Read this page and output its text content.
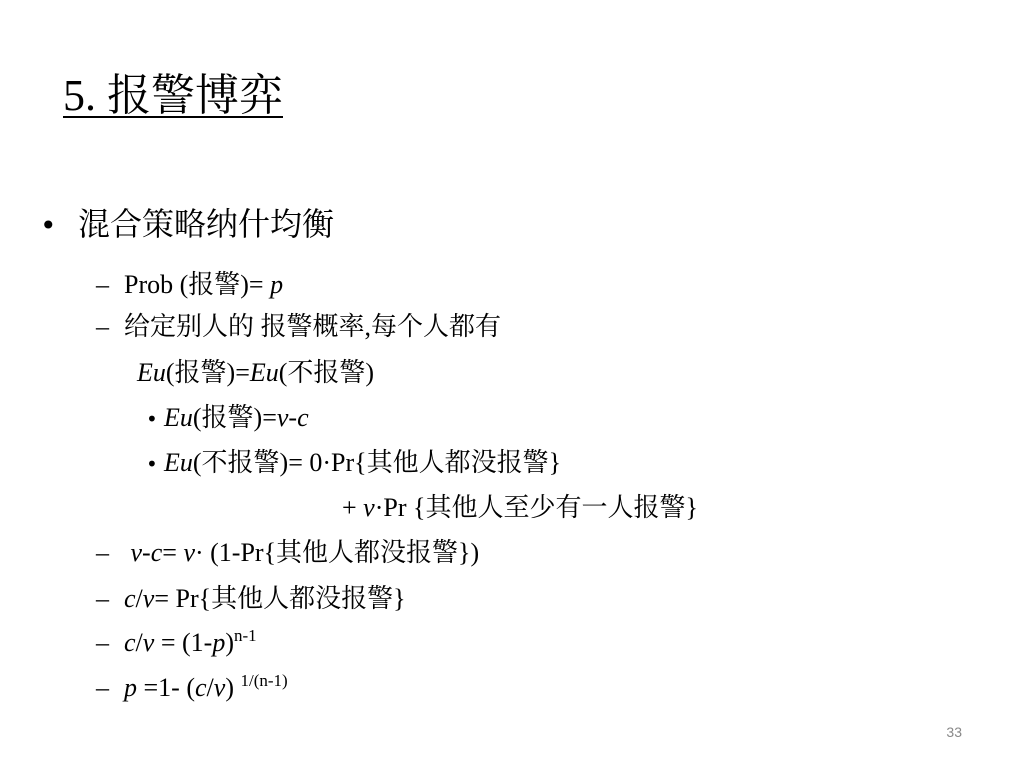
5. 报警博弈
• 混合策略纳什均衡
– Prob (报警)= p
– 给定别人的 报警概率,每个人都有
Eu(报警)=Eu(不报警)
• Eu(报警)=v-c
• Eu(不报警)= 0·Pr{其他人都没报警}
+ v·Pr {其他人至少有一人报警}
– v-c= v· (1-Pr{其他人都没报警})
– c/v= Pr{其他人都没报警}
– $c/v = (1-p)^{n-1}$
– p =1- (c/v) $^{1/(n-1)}$
33
